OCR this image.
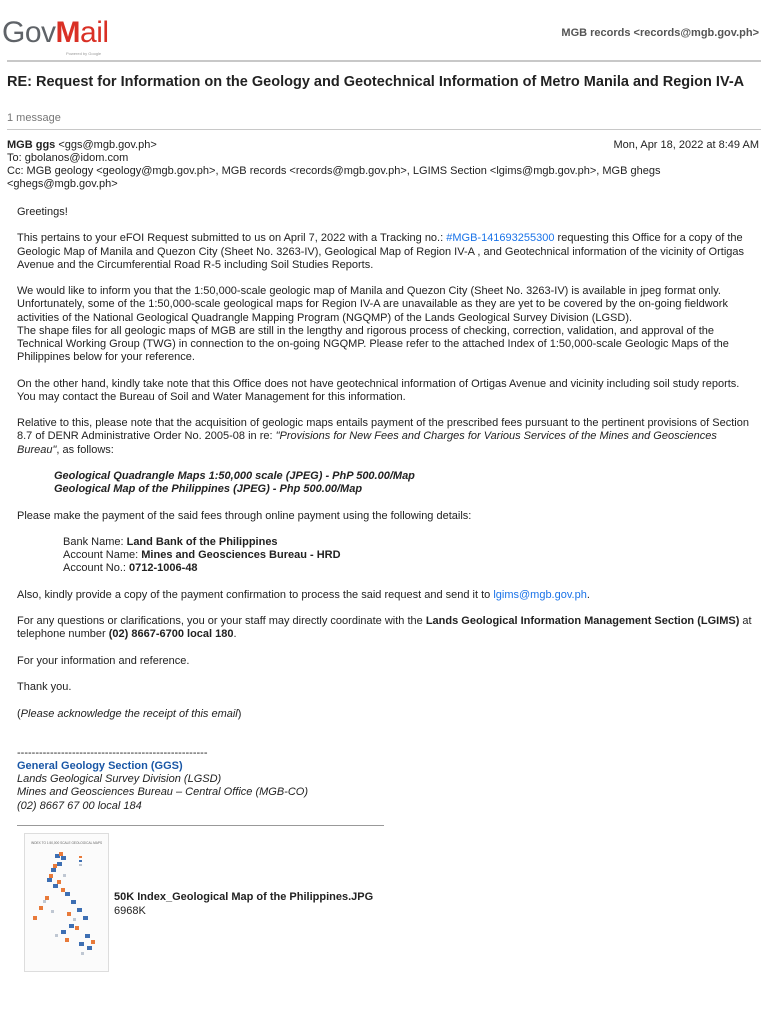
GovMail
Powered by Google
MGB records <records@mgb.gov.ph>
RE: Request for Information on the Geology and Geotechnical Information of Metro Manila and Region IV-A
1 message
MGB ggs <ggs@mgb.gov.ph>	Mon, Apr 18, 2022 at 8:49 AM
To: gbolanos@idom.com
Cc: MGB geology <geology@mgb.gov.ph>, MGB records <records@mgb.gov.ph>, LGIMS Section <lgims@mgb.gov.ph>, MGB ghegs <ghegs@mgb.gov.ph>

Greetings!

This pertains to your eFOI Request submitted to us on April 7, 2022 with a Tracking no.: #MGB-141693255300 requesting this Office for a copy of the Geologic Map of Manila and Quezon City (Sheet No. 3263-IV), Geological Map of Region IV-A , and Geotechnical information of the vicinity of Ortigas Avenue and the Circumferential Road R-5 including Soil Studies Reports.

We would like to inform you that the 1:50,000-scale geologic map of Manila and Quezon City (Sheet No. 3263-IV) is available in jpeg format only. Unfortunately, some of the 1:50,000-scale geological maps for Region IV-A are unavailable as they are yet to be covered by the on-going fieldwork activities of the National Geological Quadrangle Mapping Program (NGQMP) of the Lands Geological Survey Division (LGSD).
The shape files for all geologic maps of MGB are still in the lengthy and rigorous process of checking, correction, validation, and approval of the Technical Working Group (TWG) in connection to the on-going NGQMP. Please refer to the attached Index of 1:50,000-scale Geologic Maps of the Philippines below for your reference.

On the other hand, kindly take note that this Office does not have geotechnical information of Ortigas Avenue and vicinity including soil study reports. You may contact the Bureau of Soil and Water Management for this information.

Relative to this, please note that the acquisition of geologic maps entails payment of the prescribed fees pursuant to the pertinent provisions of Section 8.7 of DENR Administrative Order No. 2005-08 in re: "Provisions for New Fees and Charges for Various Services of the Mines and Geosciences Bureau", as follows:

Geological Quadrangle Maps 1:50,000 scale (JPEG) - PhP 500.00/Map
Geological Map of the Philippines (JPEG) - Php 500.00/Map

Please make the payment of the said fees through online payment using the following details:

Bank Name: Land Bank of the Philippines
Account Name: Mines and Geosciences Bureau - HRD
Account No.: 0712-1006-48

Also, kindly provide a copy of the payment confirmation to process the said request and send it to lgims@mgb.gov.ph.

For any questions or clarifications, you or your staff may directly coordinate with the Lands Geological Information Management Section (LGIMS) at telephone number (02) 8667-6700 local 180.

For your information and reference.

Thank you.

(Please acknowledge the receipt of this email)

----------------------------------------------------
General Geology Section (GGS)
Lands Geological Survey Division (LGSD)
Mines and Geosciences Bureau – Central Office (MGB-CO)
(02) 8667 67 00 local 184
INDEX TO 1:50,000 SCALE GEOLOGICAL MAPS
50K Index_Geological Map of the Philippines.JPG
6968K
